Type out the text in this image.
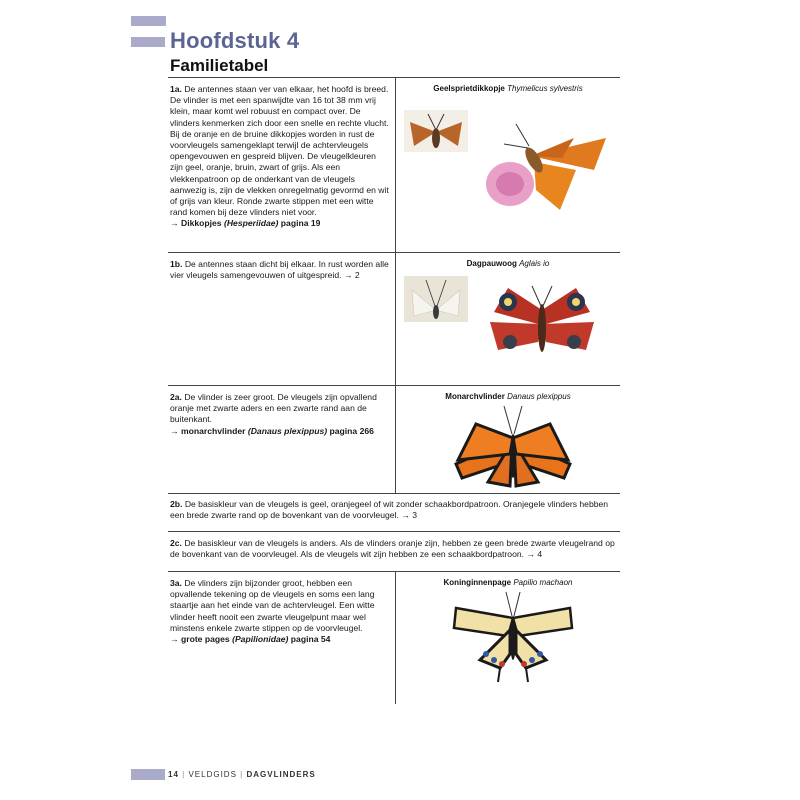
Hoofdstuk 4
Familietabel
1a. De antennes staan ver van elkaar, het hoofd is breed. De vlinder is met een spanwijdte van 16 tot 38 mm vrij klein, maar komt wel robuust en compact over. De vlinders kenmerken zich door een snelle en rechte vlucht. Bij de oranje en de bruine dikkopjes worden in rust de voorvleugels samengeklapt terwijl de achtervleugels opengevouwen en gespreid blijven. De vleugelkleuren zijn geel, oranje, bruin, zwart of grijs. Als een vlekkenpatroon op de onderkant van de vleugels aanwezig is, zijn de vlekken onregelmatig gevormd en wit of grijs van kleur. Ronde zwarte stippen met een witte rand komen bij deze vlinders niet voor.
→ Dikkopjes (Hesperiidae) pagina 19
Geelsprietdikkopje Thymelicus sylvestris
1b. De antennes staan dicht bij elkaar. In rust worden alle vier vleugels samengevouwen of uitgespreid. → 2
Dagpauwoog Aglais io
2a. De vlinder is zeer groot. De vleugels zijn opvallend oranje met zwarte aders en een zwarte rand aan de buitenkant.
→ monarchvlinder (Danaus plexippus) pagina 266
Monarchvlinder Danaus plexippus
2b. De basiskleur van de vleugels is geel, oranjegeel of wit zonder schaakbordpatroon. Oranjegele vlinders hebben een brede zwarte rand op de bovenkant van de voorvleugel. → 3
2c. De basiskleur van de vleugels is anders. Als de vlinders oranje zijn, hebben ze geen brede zwarte vleugelrand op de bovenkant van de voorvleugel. Als de vleugels wit zijn hebben ze een schaakbordpatroon. → 4
3a. De vlinders zijn bijzonder groot, hebben een opvallende tekening op de vleugels en soms een lang staartje aan het einde van de achtervleugel. Een witte vlinder heeft nooit een zwarte vleugelpunt maar wel minstens enkele zwarte stippen op de voorvleugel.
→ grote pages (Papilionidae) pagina 54
Koninginnenpage Papilio machaon
14 | VELDGIDS | DAGVLINDERS
